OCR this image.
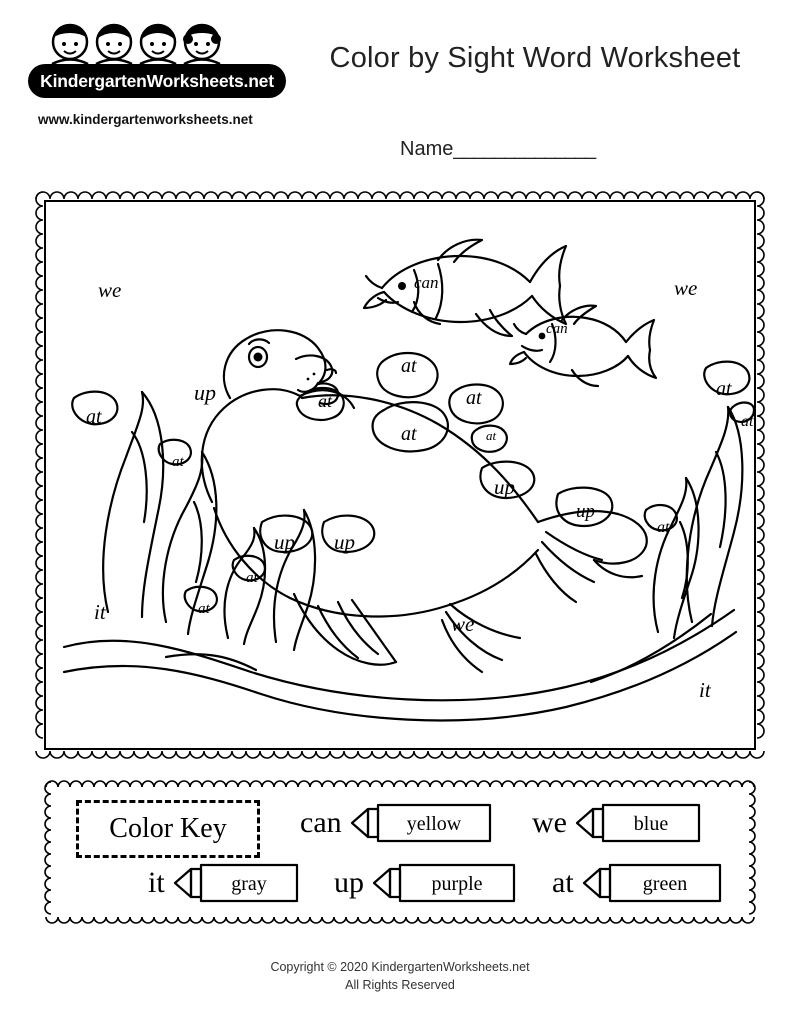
KindergartenWorksheets.net
www.kindergartenworksheets.net
Color by Sight Word Worksheet
Name______________
we	can
can
we
at
at
at
at
up	at
at	at
at
at
up
up
at
up up
at
at
it	we
it
Color Key	can	yellow we	blue
it	gray up	purple at	green
Copyright © 2020 KindergartenWorksheets.net
All Rights Reserved
